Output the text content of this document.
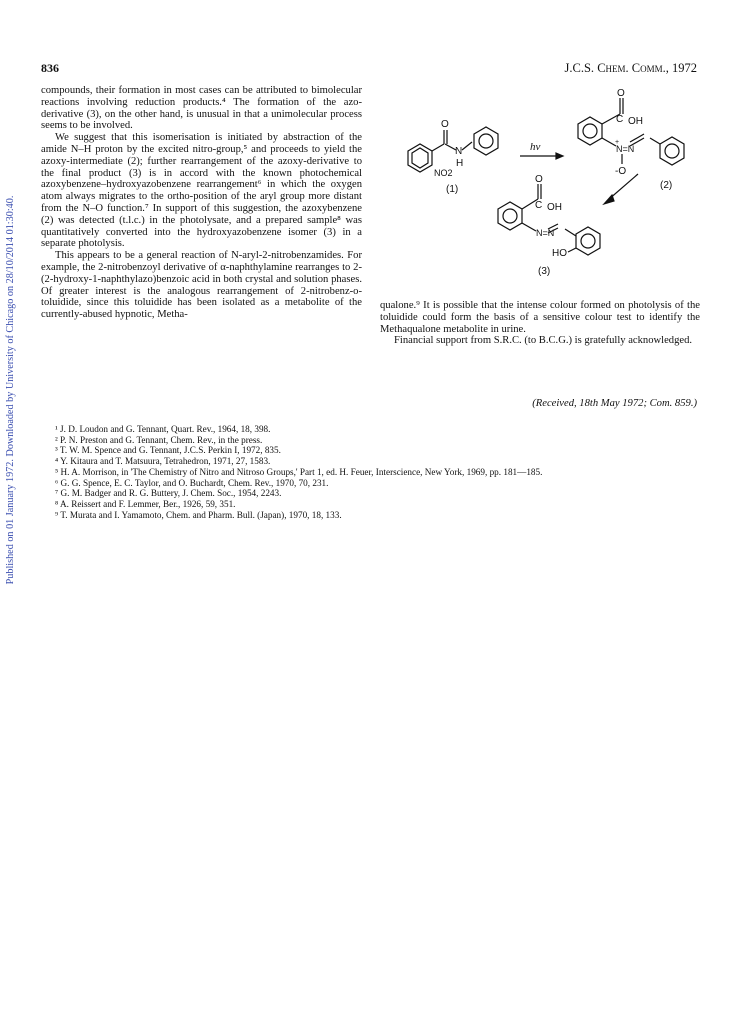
Published on 01 January 1972. Downloaded by University of Chicago on 28/10/2014 01:30:40.
836	J.C.S. Chem. Comm., 1972

compounds, their formation in most cases can be attributed to bimolecular reactions involving reduction products.⁴ The formation of the azo-derivative (3), on the other hand, is unusual in that a unimolecular process seems to be involved.

We suggest that this isomerisation is initiated by abstraction of the amide N–H proton by the excited nitro-group,⁵ and proceeds to yield the azoxy-intermediate (2); further rearrangement of the azoxy-derivative to the final product (3) is in accord with the known photochemical azoxybenzene–hydroxyazobenzene rearrangement⁶ in which the oxygen atom always migrates to the ortho-position of the aryl group more distant from the N–O function.⁷ In support of this suggestion, the azoxybenzene (2) was detected (t.l.c.) in the photolysate, and a prepared sample⁸ was quantitatively converted into the hydroxyazobenzene isomer (3) in a separate photolysis.

This appears to be a general reaction of N-aryl-2-nitrobenzamides. For example, the 2-nitrobenzoyl derivative of α-naphthylamine rearranges to 2-(2-hydroxy-1-naphthylazo)benzoic acid in both crystal and solution phases. Of greater interest is the analogous rearrangement of 2-nitrobenz-o-toluidide, since this toluidide has been isolated as a metabolite of the currently-abused hypnotic, Metha-

O
N
H
NO2
(1)
hν
O
C OH
N=N
+
-O
(2)
O
C OH
N=N
HO
(3)

qualone.⁹ It is possible that the intense colour formed on photolysis of the toluidide could form the basis of a sensitive colour test to identify the Methaqualone metabolite in urine.

Financial support from S.R.C. (to B.C.G.) is gratefully acknowledged.

(Received, 18th May 1972; Com. 859.)
¹ J. D. Loudon and G. Tennant, Quart. Rev., 1964, 18, 398.
² P. N. Preston and G. Tennant, Chem. Rev., in the press.
³ T. W. M. Spence and G. Tennant, J.C.S. Perkin I, 1972, 835.
⁴ Y. Kitaura and T. Matsuura, Tetrahedron, 1971, 27, 1583.
⁵ H. A. Morrison, in 'The Chemistry of Nitro and Nitroso Groups,' Part 1, ed. H. Feuer, Interscience, New York, 1969, pp. 181—185.
⁶ G. G. Spence, E. C. Taylor, and O. Buchardt, Chem. Rev., 1970, 70, 231.
⁷ G. M. Badger and R. G. Buttery, J. Chem. Soc., 1954, 2243.
⁸ A. Reissert and F. Lemmer, Ber., 1926, 59, 351.
⁹ T. Murata and I. Yamamoto, Chem. and Pharm. Bull. (Japan), 1970, 18, 133.
